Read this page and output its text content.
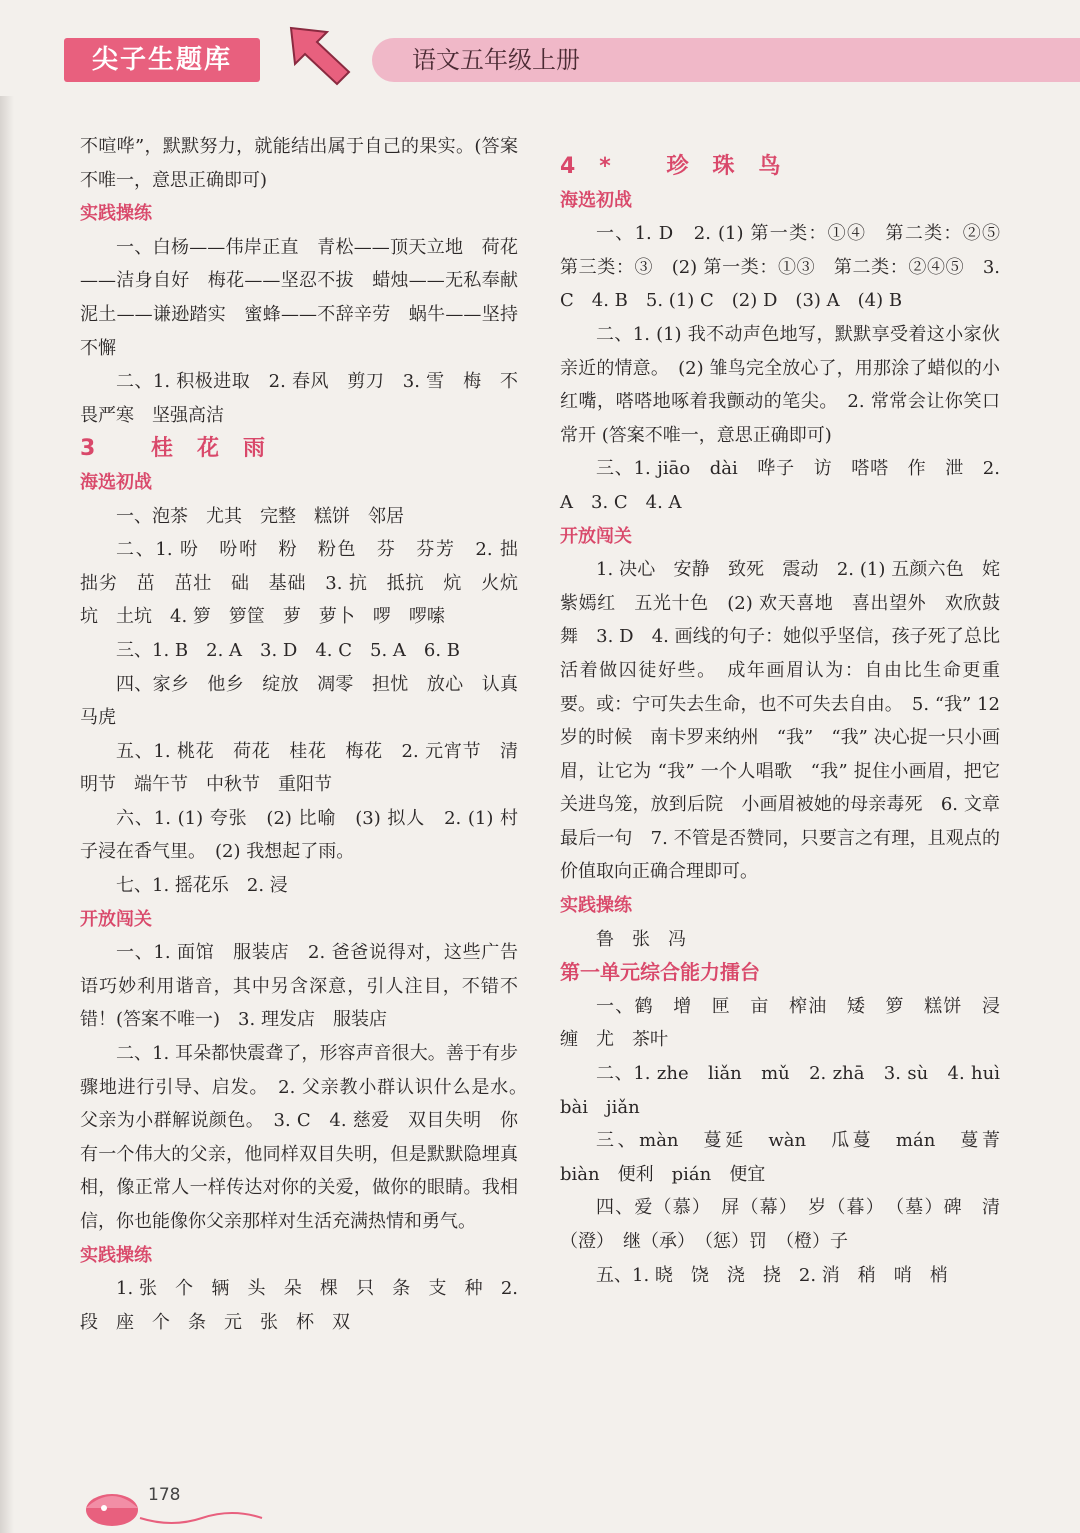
尖子生题库	语文五年级上册

不喧哗”，默默努力，就能结出属于自己的果实。(答案不唯一，意思正确即可)

实践操练

一、白杨——伟岸正直　青松——顶天立地　荷花——洁身自好　梅花——坚忍不拔　蜡烛——无私奉献　泥土——谦逊踏实　蜜蜂——不辞辛劳　蜗牛——坚持不懈

二、1. 积极进取　2. 春风　剪刀　3. 雪　梅　不畏严寒　坚强高洁

3 桂花雨

海选初战

一、泡茶　尤其　完整　糕饼　邻居

二、1. 吩　吩咐　粉　粉色　芬　芬芳　2. 拙　拙劣　茁　茁壮　础　基础　3. 抗　抵抗　炕　火炕　坑　土坑　4. 箩　箩筐　萝　萝卜　啰　啰嗦

三、1. B　2. A　3. D　4. C　5. A　6. B

四、家乡　他乡　绽放　凋零　担忧　放心　认真　马虎

五、1. 桃花　荷花　桂花　梅花　2. 元宵节　清明节　端午节　中秋节　重阳节

六、1. (1) 夸张　(2) 比喻　(3) 拟人　2. (1) 村子浸在香气里。　(2) 我想起了雨。

七、1. 摇花乐　2. 浸

开放闯关

一、1. 面馆　服装店　2. 爸爸说得对，这些广告语巧妙利用谐音，其中另含深意，引人注目，不错不错！(答案不唯一)　3. 理发店　服装店

二、1. 耳朵都快震聋了，形容声音很大。善于有步骤地进行引导、启发。　2. 父亲教小群认识什么是水。　父亲为小群解说颜色。　3. C　4. 慈爱　双目失明　你有一个伟大的父亲，他同样双目失明，但是默默隐埋真相，像正常人一样传达对你的关爱，做你的眼睛。我相信，你也能像你父亲那样对生活充满热情和勇气。

实践操练

1. 张　个　辆　头　朵　棵　只　条　支　种　2. 段　座　个　条　元　张　杯　双

4* 珍珠鸟

海选初战

一、1. D　2. (1) 第一类：①④　第二类：②⑤　第三类：③　(2) 第一类：①③　第二类：②④⑤　3. C　4. B　5. (1) C　(2) D　(3) A　(4) B

二、1. (1) 我不动声色地写，默默享受着这小家伙亲近的情意。　(2) 雏鸟完全放心了，用那涂了蜡似的小红嘴，嗒嗒地啄着我颤动的笔尖。　2. 常常会让你笑口常开 (答案不唯一，意思正确即可)

三、1. jiāo　dài　哗子　访　嗒嗒　作　泄　2. A　3. C　4. A

开放闯关

1. 决心　安静　致死　震动　2. (1) 五颜六色　姹紫嫣红　五光十色　(2) 欢天喜地　喜出望外　欢欣鼓舞　3. D　4. 画线的句子：她似乎坚信，孩子死了总比活着做囚徒好些。　成年画眉认为：自由比生命更重要。或：宁可失去生命，也不可失去自由。　5. “我” 12 岁的时候　南卡罗来纳州　“我”　“我” 决心捉一只小画眉，让它为 “我” 一个人唱歌　“我” 捉住小画眉，把它关进鸟笼，放到后院　小画眉被她的母亲毒死　6. 文章最后一句　7. 不管是否赞同，只要言之有理，且观点的价值取向正确合理即可。

实践操练

鲁　张　冯

第一单元综合能力擂台

一、鹤　增　匣　亩　榨油　矮　箩　糕饼　浸　缠　尤　茶叶

二、1. zhe　liǎn　mǔ　2. zhā　3. sù　4. huì　bài　jiǎn

三、màn　蔓延　wàn　瓜蔓　mán　蔓菁　biàn　便利　pián　便宜

四、爱（慕）　屏（幕）　岁（暮）　（墓）碑　清（澄）　继（承）　（惩）罚　（橙）子

五、1. 晓　饶　浇　挠　2. 消　稍　哨　梢

178
